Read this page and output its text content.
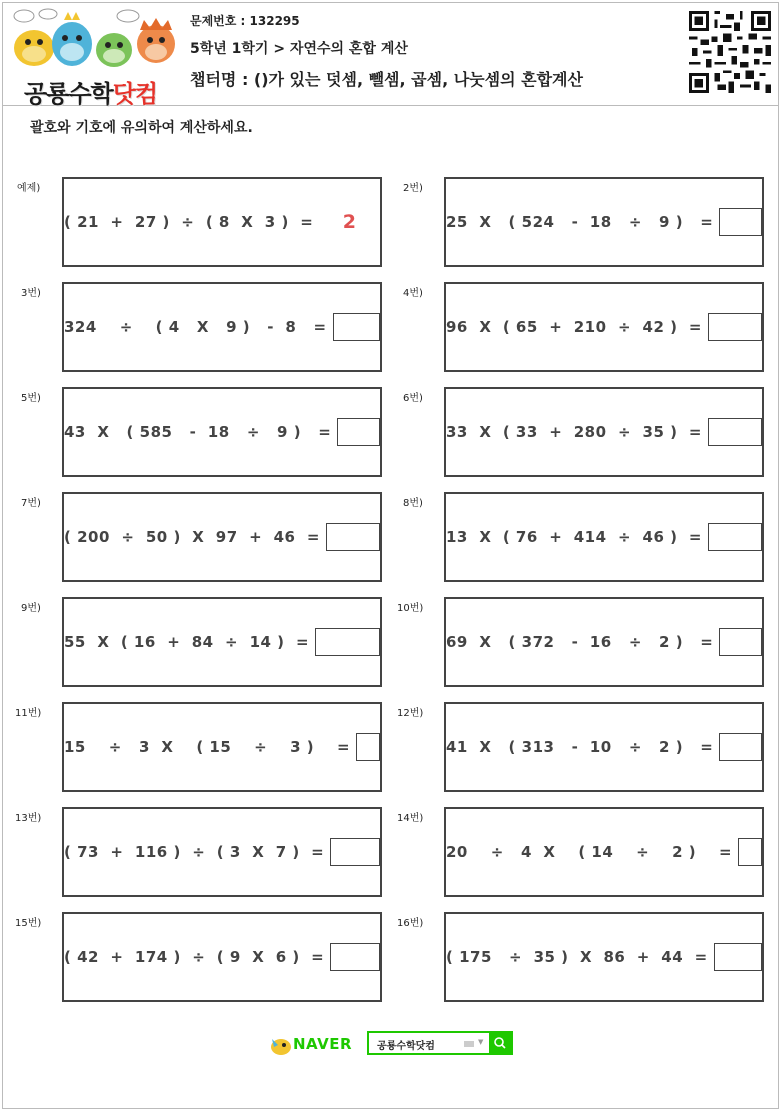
공룡수학닷컴
문제번호 : 132295
5학년 1학기 > 자연수의 혼합 계산
챕터명 : ()가 있는 덧셈, 뺄셈, 곱셈, 나눗셈의 혼합계산
괄호와 기호에 유의하여 계산하세요.
예제)
( 21  +  27 )  ÷  ( 8  X  3 )  =	2
2번)
25  X   ( 524   -  18   ÷   9 )   =
3번)
324    ÷    ( 4   X   9 )   -  8   =
4번)
96  X  ( 65  +  210  ÷  42 )  =
5번)
43  X   ( 585   -  18   ÷   9 )   =
6번)
33  X  ( 33  +  280  ÷  35 )  =
7번)
( 200  ÷  50 )  X  97  +  46  =
8번)
13  X  ( 76  +  414  ÷  46 )  =
9번)
55  X  ( 16  +  84  ÷  14 )  =
10번)
69  X   ( 372   -  16   ÷   2 )   =
11번)
15    ÷   3  X    ( 15    ÷    3 )    =
12번)
41  X   ( 313   -  10   ÷   2 )   =
13번)
( 73  +  116 )  ÷  ( 3  X  7 )  =
14번)
20    ÷   4  X    ( 14    ÷    2 )    =
15번)
( 42  +  174 )  ÷  ( 9  X  6 )  =
16번)
( 175   ÷  35 )  X  86  +  44  =
NAVER 공룡수학닷컴	▼
